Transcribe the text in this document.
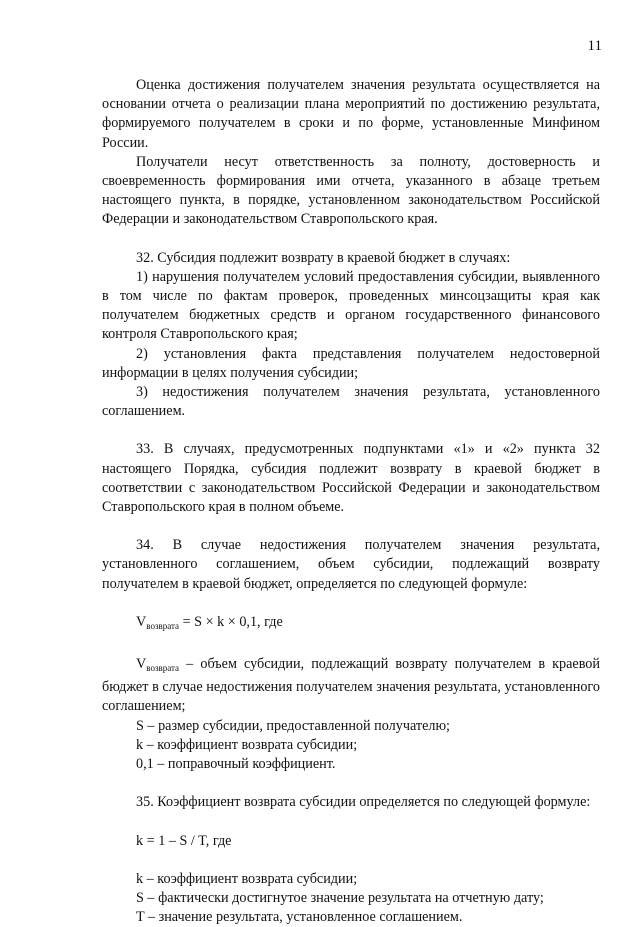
11

Оценка достижения получателем значения результата осуществляется на основании отчета о реализации плана мероприятий по достижению результата, формируемого получателем в сроки и по форме, установленные Минфином России.

Получатели несут ответственность за полноту, достоверность и своевременность формирования ими отчета, указанного в абзаце третьем настоящего пункта, в порядке, установленном законодательством Российской Федерации и законодательством Ставропольского края.

32. Субсидия подлежит возврату в краевой бюджет в случаях:

1) нарушения получателем условий предоставления субсидии, выявленного в том числе по фактам проверок, проведенных минсоцзащиты края как получателем бюджетных средств и органом государственного финансового контроля Ставропольского края;

2) установления факта представления получателем недостоверной информации в целях получения субсидии;

3) недостижения получателем значения результата, установленного соглашением.

33. В случаях, предусмотренных подпунктами «1» и «2» пункта 32 настоящего Порядка, субсидия подлежит возврату в краевой бюджет в соответствии с законодательством Российской Федерации и законодательством Ставропольского края в полном объеме.

34. В случае недостижения получателем значения результата, установленного соглашением, объем субсидии, подлежащий возврату получателем в краевой бюджет, определяется по следующей формуле:

$V_{возврата} = S \times k \times 0,1$, где

$V_{возврата}$ – объем субсидии, подлежащий возврату получателем в краевой бюджет в случае недостижения получателем значения результата, установленного соглашением;

S – размер субсидии, предоставленной получателю;

k – коэффициент возврата субсидии;

0,1 – поправочный коэффициент.

35. Коэффициент возврата субсидии определяется по следующей формуле:

k = 1 – S / T, где

k – коэффициент возврата субсидии;

S – фактически достигнутое значение результата на отчетную дату;

T – значение результата, установленное соглашением.
